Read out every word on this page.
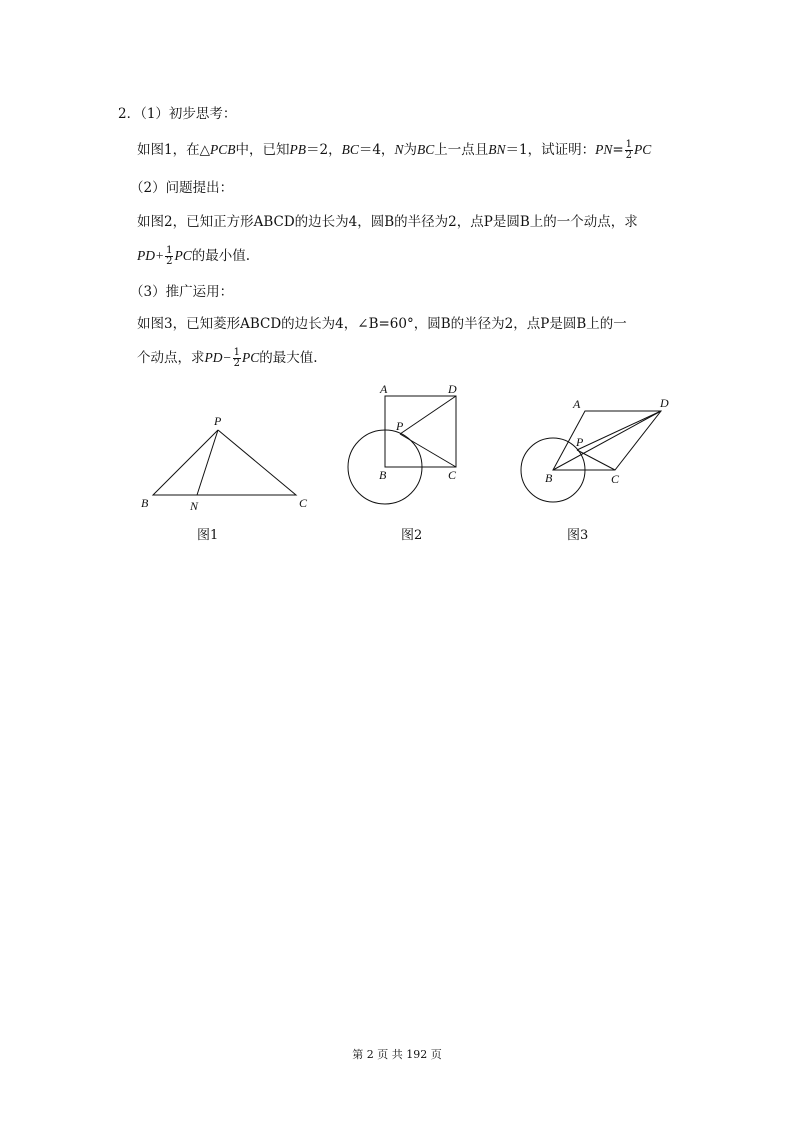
2．（1）初步思考：
如图1，在△PCB中，已知PB＝2，BC＝4，N为BC上一点且BN＝1，试证明：$PN= \frac{1}{2}$ PC
（2）问题提出：
如图2，已知正方形ABCD的边长为4，圆B的半径为2，点P是圆B上的一个动点，求
$PD+ \frac{1}{2}$ PC的最小值.
（3）推广运用：
如图3，已知菱形ABCD的边长为4，∠B=60°，圆B的半径为2，点P是圆B上的一
个动点，求$PD- \frac{1}{2}$ PC的最大值.
P
B	N	C
A	D
P
B	C
A	D
P
B	C
图1	图2	图3
第 2 页 共 192 页
